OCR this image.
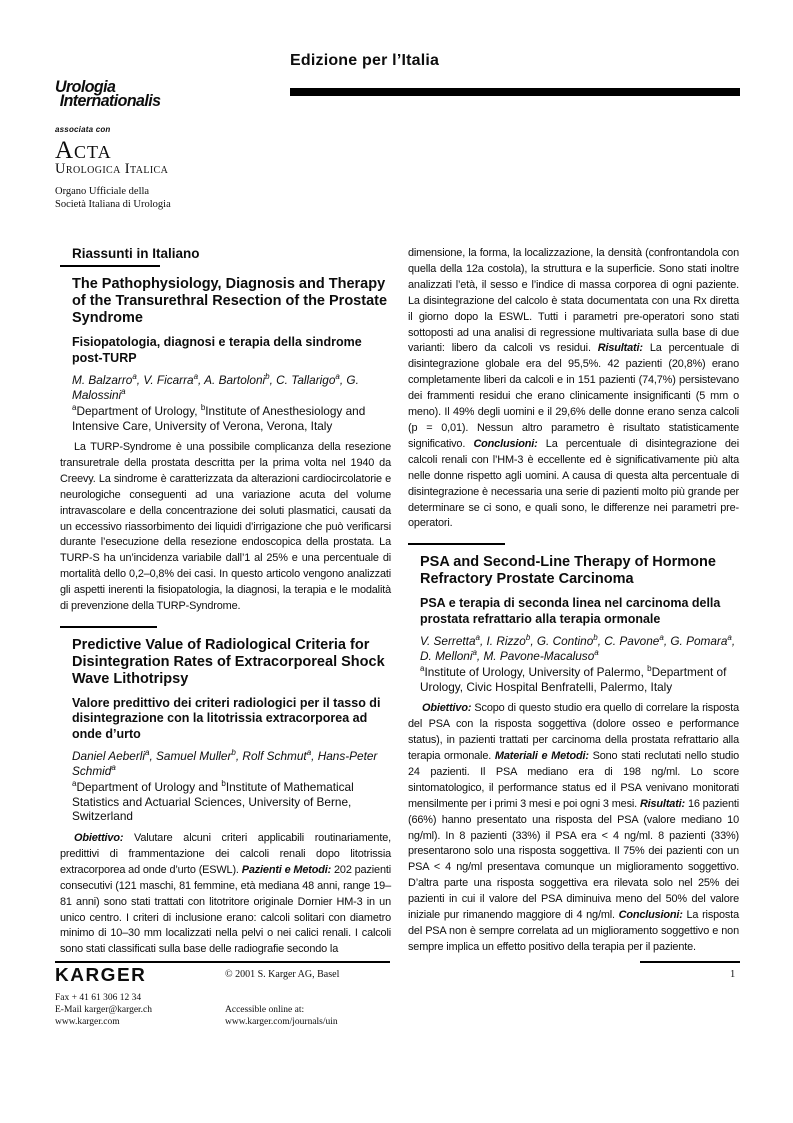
Edizione per l’Italia
Urologia
Internationalis
associata con
Acta
Urologica Italica
Organo Ufficiale della
Società Italiana di Urologia
Riassunti in Italiano
The Pathophysiology, Diagnosis and Therapy of the Transurethral Resection of the Prostate Syndrome
Fisiopatologia, diagnosi e terapia della sindrome post-TURP

M. Balzarro$^a$, V. Ficarra$^a$, A. Bartoloni$^b$, C. Tallarigo$^a$, G. Malossini$^a$

$^a$Department of Urology, $^b$Institute of Anesthesiology and Intensive Care, University of Verona, Verona, Italy

La TURP-Syndrome è una possibile complicanza della resezione transuretrale della prostata descritta per la prima volta nel 1940 da Creevy. La sindrome è caratterizzata da alterazioni cardiocircolatorie e neurologiche conseguenti ad una variazione acuta del volume intravascolare e della concentrazione dei soluti plasmatici, causati da un eccessivo riassorbimento dei liquidi d’irrigazione che può verificarsi durante l’esecuzione della resezione endoscopica della prostata. La TURP-S ha un’incidenza variabile dall’1 al 25% e una percentuale di mortalità dello 0,2–0,8% dei casi. In questo articolo vengono analizzati gli aspetti inerenti la fisiopatologia, la diagnosi, la terapia e le modalità di prevenzione della TURP-Syndrome.

Predictive Value of Radiological Criteria for Disintegration Rates of Extracorporeal Shock Wave Lithotripsy
Valore predittivo dei criteri radiologici per il tasso di disintegrazione con la litotrissia extracorporea ad onde d’urto

Daniel Aeberli$^a$, Samuel Muller$^b$, Rolf Schmut$^a$, Hans-Peter Schmid$^a$

$^a$Department of Urology and $^b$Institute of Mathematical Statistics and Actuarial Sciences, University of Berne, Switzerland

Obiettivo: Valutare alcuni criteri applicabili routinariamente, predittivi di frammentazione dei calcoli renali dopo litotrissia extracorporea ad onde d’urto (ESWL). Pazienti e Metodi: 202 pazienti consecutivi (121 maschi, 81 femmine, età mediana 48 anni, range 19–81 anni) sono stati trattati con litotritore originale Dornier HM-3 in un unico centro. I criteri di inclusione erano: calcoli solitari con diametro minimo di 10–30 mm localizzati nella pelvi o nei calici renali. I calcoli sono stati classificati sulla base delle radiografie secondo la

dimensione, la forma, la localizzazione, la densità (confrontandola con quella della 12a costola), la struttura e la superficie. Sono stati inoltre analizzati l’età, il sesso e l’indice di massa corporea di ogni paziente. La disintegrazione del calcolo è stata documentata con una Rx diretta il giorno dopo la ESWL. Tutti i parametri pre-operatori sono stati sottoposti ad una analisi di regressione multivariata sulla base di due varianti: libero da calcoli vs residui. Risultati: La percentuale di disintegrazione globale era del 95,5%. 42 pazienti (20,8%) erano completamente liberi da calcoli e in 151 pazienti (74,7%) persistevano dei frammenti residui che erano clinicamente insignificanti (5 mm o meno). Il 49% degli uomini e il 29,6% delle donne erano senza calcoli (p = 0,01). Nessun altro parametro è risultato statisticamente significativo. Conclusioni: La percentuale di disintegrazione dei calcoli renali con l’HM-3 è eccellente ed è significativamente più alta nelle donne rispetto agli uomini. A causa di questa alta percentuale di disintegrazione è necessaria una serie di pazienti molto più grande per determinare se ci sono, e quali sono, le differenze nei parametri pre-operatori.

PSA and Second-Line Therapy of Hormone Refractory Prostate Carcinoma
PSA e terapia di seconda linea nel carcinoma della prostata refrattario alla terapia ormonale

V. Serretta$^a$, I. Rizzo$^b$, G. Contino$^b$, C. Pavone$^a$, G. Pomara$^a$, D. Melloni$^a$, M. Pavone-Macaluso$^a$

$^a$Institute of Urology, University of Palermo, $^b$Department of Urology, Civic Hospital Benfratelli, Palermo, Italy

Obiettivo: Scopo di questo studio era quello di correlare la risposta del PSA con la risposta soggettiva (dolore osseo e performance status), in pazienti trattati per carcinoma della prostata refrattario alla terapia ormonale. Materiali e Metodi: Sono stati reclutati nello studio 24 pazienti. Il PSA mediano era di 198 ng/ml. Lo score sintomatologico, il performance status ed il PSA venivano monitorati mensilmente per i primi 3 mesi e poi ogni 3 mesi. Risultati: 16 pazienti (66%) hanno presentato una risposta del PSA (valore mediano 10 ng/ml). In 8 pazienti (33%) il PSA era < 4 ng/ml. 8 pazienti (33%) presentarono solo una risposta soggettiva. Il 75% dei pazienti con un PSA < 4 ng/ml presentava comunque un miglioramento soggettivo. D’altra parte una risposta soggettiva era rilevata solo nel 25% dei pazienti in cui il valore del PSA diminuiva meno del 50% del valore iniziale pur rimanendo maggiore di 4 ng/ml. Conclusioni: La risposta del PSA non è sempre correlata ad un miglioramento soggettivo e non sempre implica un effetto positivo della terapia per il paziente.

KARGER	© 2001 S. Karger AG, Basel	1
Fax + 41 61 306 12 34
E-Mail karger@karger.ch
www.karger.com
Accessible online at:
www.karger.com/journals/uin
